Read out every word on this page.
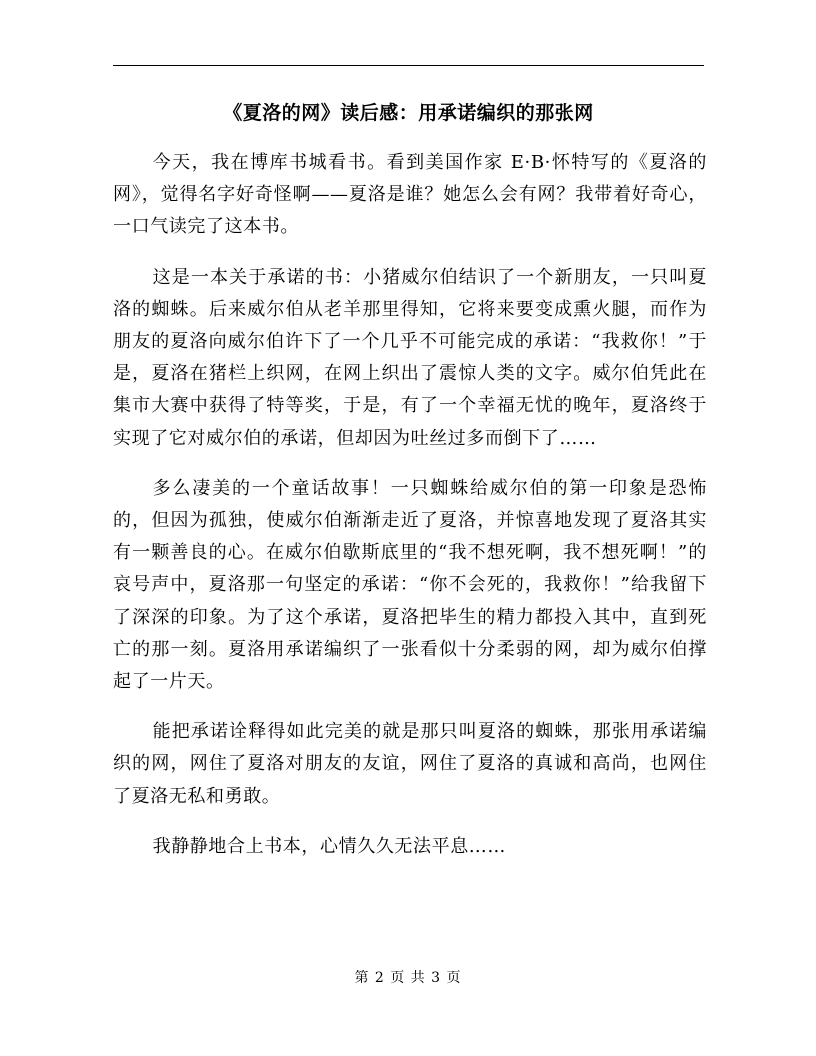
《夏洛的网》读后感：用承诺编织的那张网

今天，我在博库书城看书。看到美国作家 E·B·怀特写的《夏洛的网》，觉得名字好奇怪啊——夏洛是谁？她怎么会有网？我带着好奇心，一口气读完了这本书。

这是一本关于承诺的书：小猪威尔伯结识了一个新朋友，一只叫夏洛的蜘蛛。后来威尔伯从老羊那里得知，它将来要变成熏火腿，而作为朋友的夏洛向威尔伯许下了一个几乎不可能完成的承诺：“我救你！”于是，夏洛在猪栏上织网，在网上织出了震惊人类的文字。威尔伯凭此在集市大赛中获得了特等奖，于是，有了一个幸福无忧的晚年，夏洛终于实现了它对威尔伯的承诺，但却因为吐丝过多而倒下了……

多么凄美的一个童话故事！一只蜘蛛给威尔伯的第一印象是恐怖的，但因为孤独，使威尔伯渐渐走近了夏洛，并惊喜地发现了夏洛其实有一颗善良的心。在威尔伯歇斯底里的“我不想死啊，我不想死啊！”的哀号声中，夏洛那一句坚定的承诺：“你不会死的，我救你！”给我留下了深深的印象。为了这个承诺，夏洛把毕生的精力都投入其中，直到死亡的那一刻。夏洛用承诺编织了一张看似十分柔弱的网，却为威尔伯撑起了一片天。

能把承诺诠释得如此完美的就是那只叫夏洛的蜘蛛，那张用承诺编织的网，网住了夏洛对朋友的友谊，网住了夏洛的真诚和高尚，也网住了夏洛无私和勇敢。

我静静地合上书本，心情久久无法平息……

第 2 页 共 3 页
